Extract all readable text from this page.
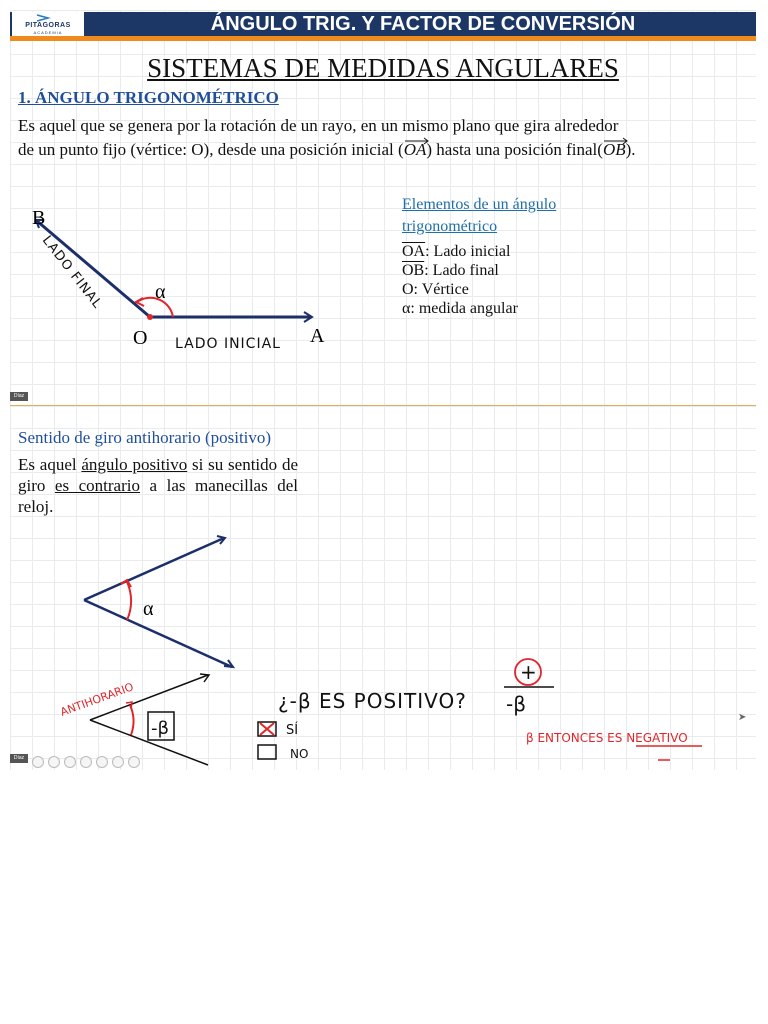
PITAGORAS
ACADEMIA	ÁNGULO TRIG. Y FACTOR DE CONVERSIÓN
SISTEMAS DE MEDIDAS ANGULARES
1. ÁNGULO TRIGONOMÉTRICO
Es aquel que se genera por la rotación de un rayo, en un mismo plano que gira alrededor
de un punto fijo (vértice: O), desde una posición inicial (OA
) hasta una posición final(OB
).
B
O	A
α
LADO FINAL
LADO INICIAL
Elementos de un ángulo trigonométrico
$\overline{OA}$: Lado inicial
$\overline{OB}$: Lado final
O: Vértice
α: medida angular
Díaz
Sentido de giro antihorario (positivo)
Es aquel ángulo positivo si su sentido de giro es contrario a las manecillas del reloj.
α
-β
ANTIHORARIO	¿-β ES POSITIVO?
SÍ
NO
+
-β
β ENTONCES ES NEGATIVO
Díaz
➤
